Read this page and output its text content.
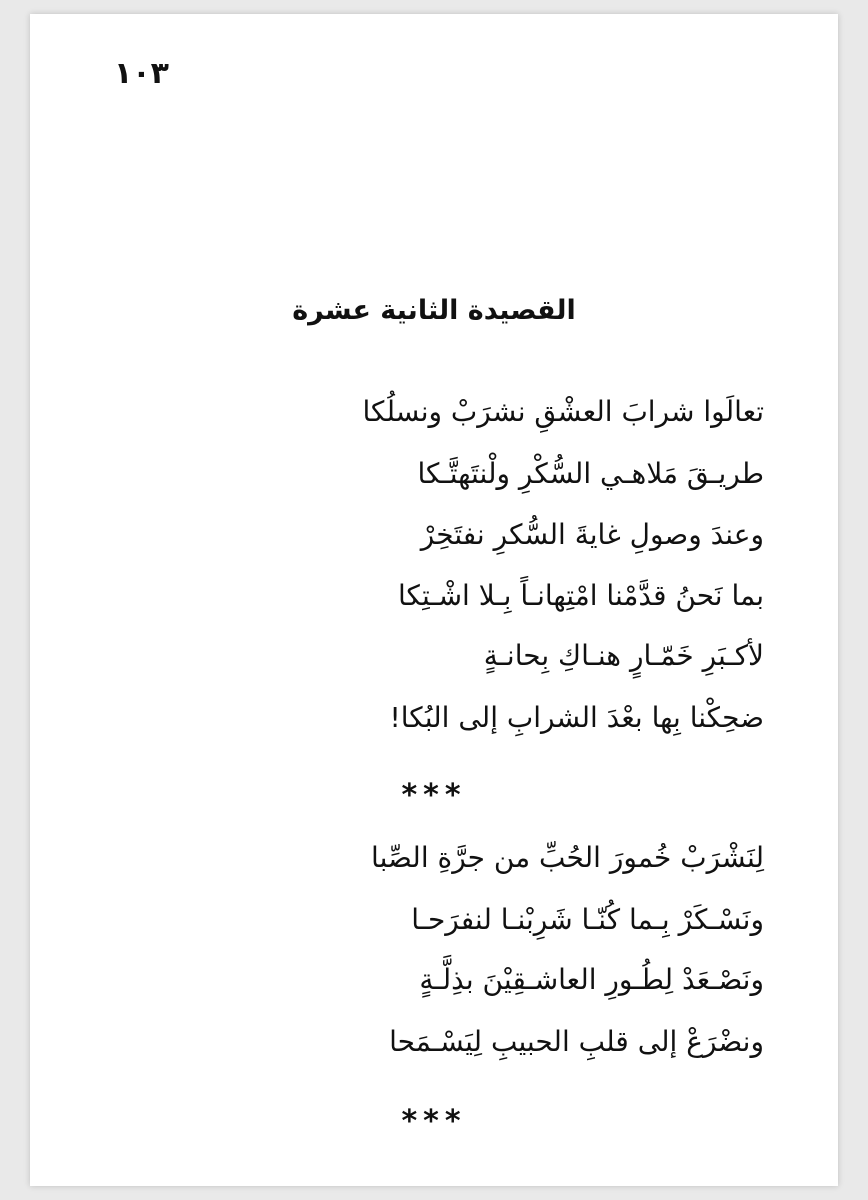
١٠٣
القصيدة الثانية عشرة
تعالَوا شرابَ العشْقِ نشرَبْ ونسلُكا
طريـقَ مَلاهـي السُّكْرِ ولْنتَهتَّـكا
وعندَ وصولِ غايةَ السُّكرِ نفتَخِرْ
بما نَحنُ قدَّمْنا امْتِهانـاً بِـلا اشْـتِكا
لأكـبَرِ خَمّـارٍ هنـاكِ بِحانـةٍ
ضحِكْنا بِها بعْدَ الشرابِ إلى البُكا!
***
لِنَشْرَبْ خُمورَ الحُبِّ من جرَّةِ الصِّبا
ونَسْـكَرْ بِـما كُنّـا شَرِبْنـا لنفرَحـا
ونَصْـعَدْ لِطُـورِ العاشـقِيْنَ بذِلَّـةٍ
ونضْرَعْ إلى قلبِ الحبيبِ لِيَسْـمَحا
***
